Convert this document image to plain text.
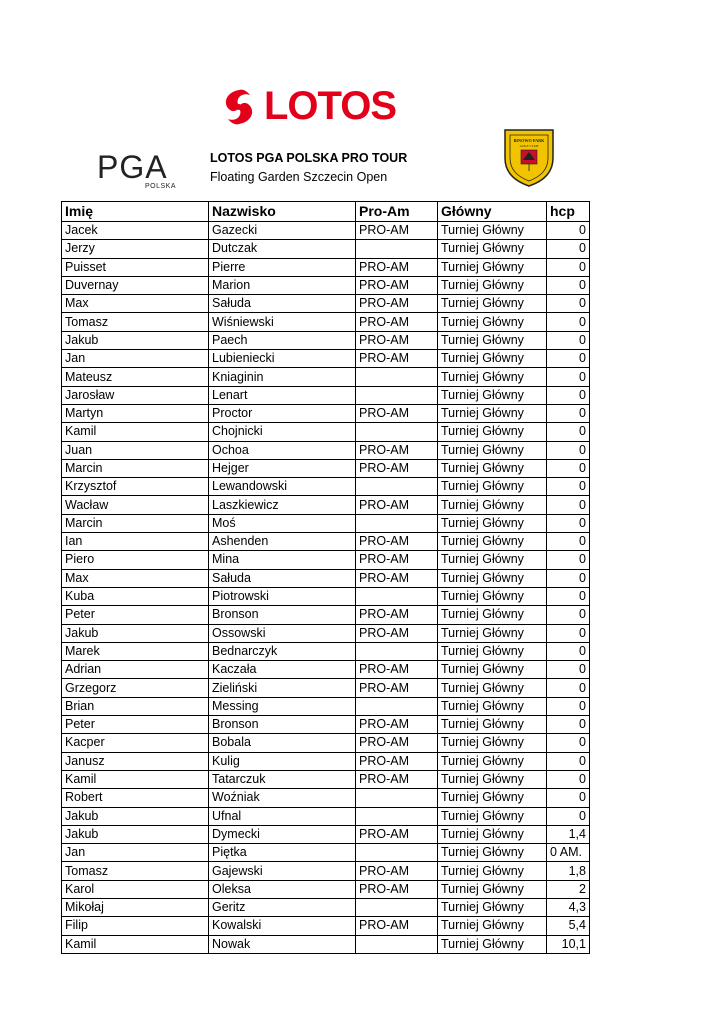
LOTOS
PGA
POLSKA
LOTOS PGA POLSKA PRO TOUR
Floating Garden Szczecin Open
BINOWO PARK
GOLF CLUB
Imię	Nazwisko	Pro-Am	Główny	hcp
Jacek	Gazecki	PRO-AM	Turniej Główny	0
Jerzy	Dutczak		Turniej Główny	0
Puisset	Pierre	PRO-AM	Turniej Główny	0
Duvernay	Marion	PRO-AM	Turniej Główny	0
Max	Sałuda	PRO-AM	Turniej Główny	0
Tomasz	Wiśniewski	PRO-AM	Turniej Główny	0
Jakub	Paech	PRO-AM	Turniej Główny	0
Jan	Lubieniecki	PRO-AM	Turniej Główny	0
Mateusz	Kniaginin		Turniej Główny	0
Jarosław	Lenart		Turniej Główny	0
Martyn	Proctor	PRO-AM	Turniej Główny	0
Kamil	Chojnicki		Turniej Główny	0
Juan	Ochoa	PRO-AM	Turniej Główny	0
Marcin	Hejger	PRO-AM	Turniej Główny	0
Krzysztof	Lewandowski		Turniej Główny	0
Wacław	Laszkiewicz	PRO-AM	Turniej Główny	0
Marcin	Moś		Turniej Główny	0
Ian	Ashenden	PRO-AM	Turniej Główny	0
Piero	Mina	PRO-AM	Turniej Główny	0
Max	Sałuda	PRO-AM	Turniej Główny	0
Kuba	Piotrowski		Turniej Główny	0
Peter	Bronson	PRO-AM	Turniej Główny	0
Jakub	Ossowski	PRO-AM	Turniej Główny	0
Marek	Bednarczyk		Turniej Główny	0
Adrian	Kaczała	PRO-AM	Turniej Główny	0
Grzegorz	Zieliński	PRO-AM	Turniej Główny	0
Brian	Messing		Turniej Główny	0
Peter	Bronson	PRO-AM	Turniej Główny	0
Kacper	Bobala	PRO-AM	Turniej Główny	0
Janusz	Kulig	PRO-AM	Turniej Główny	0
Kamil	Tatarczuk	PRO-AM	Turniej Główny	0
Robert	Woźniak		Turniej Główny	0
Jakub	Ufnal		Turniej Główny	0
Jakub	Dymecki	PRO-AM	Turniej Główny	1,4
Jan	Piętka		Turniej Główny	0 AM.
Tomasz	Gajewski	PRO-AM	Turniej Główny	1,8
Karol	Oleksa	PRO-AM	Turniej Główny	2
Mikołaj	Geritz		Turniej Główny	4,3
Filip	Kowalski	PRO-AM	Turniej Główny	5,4
Kamil	Nowak		Turniej Główny	10,1
